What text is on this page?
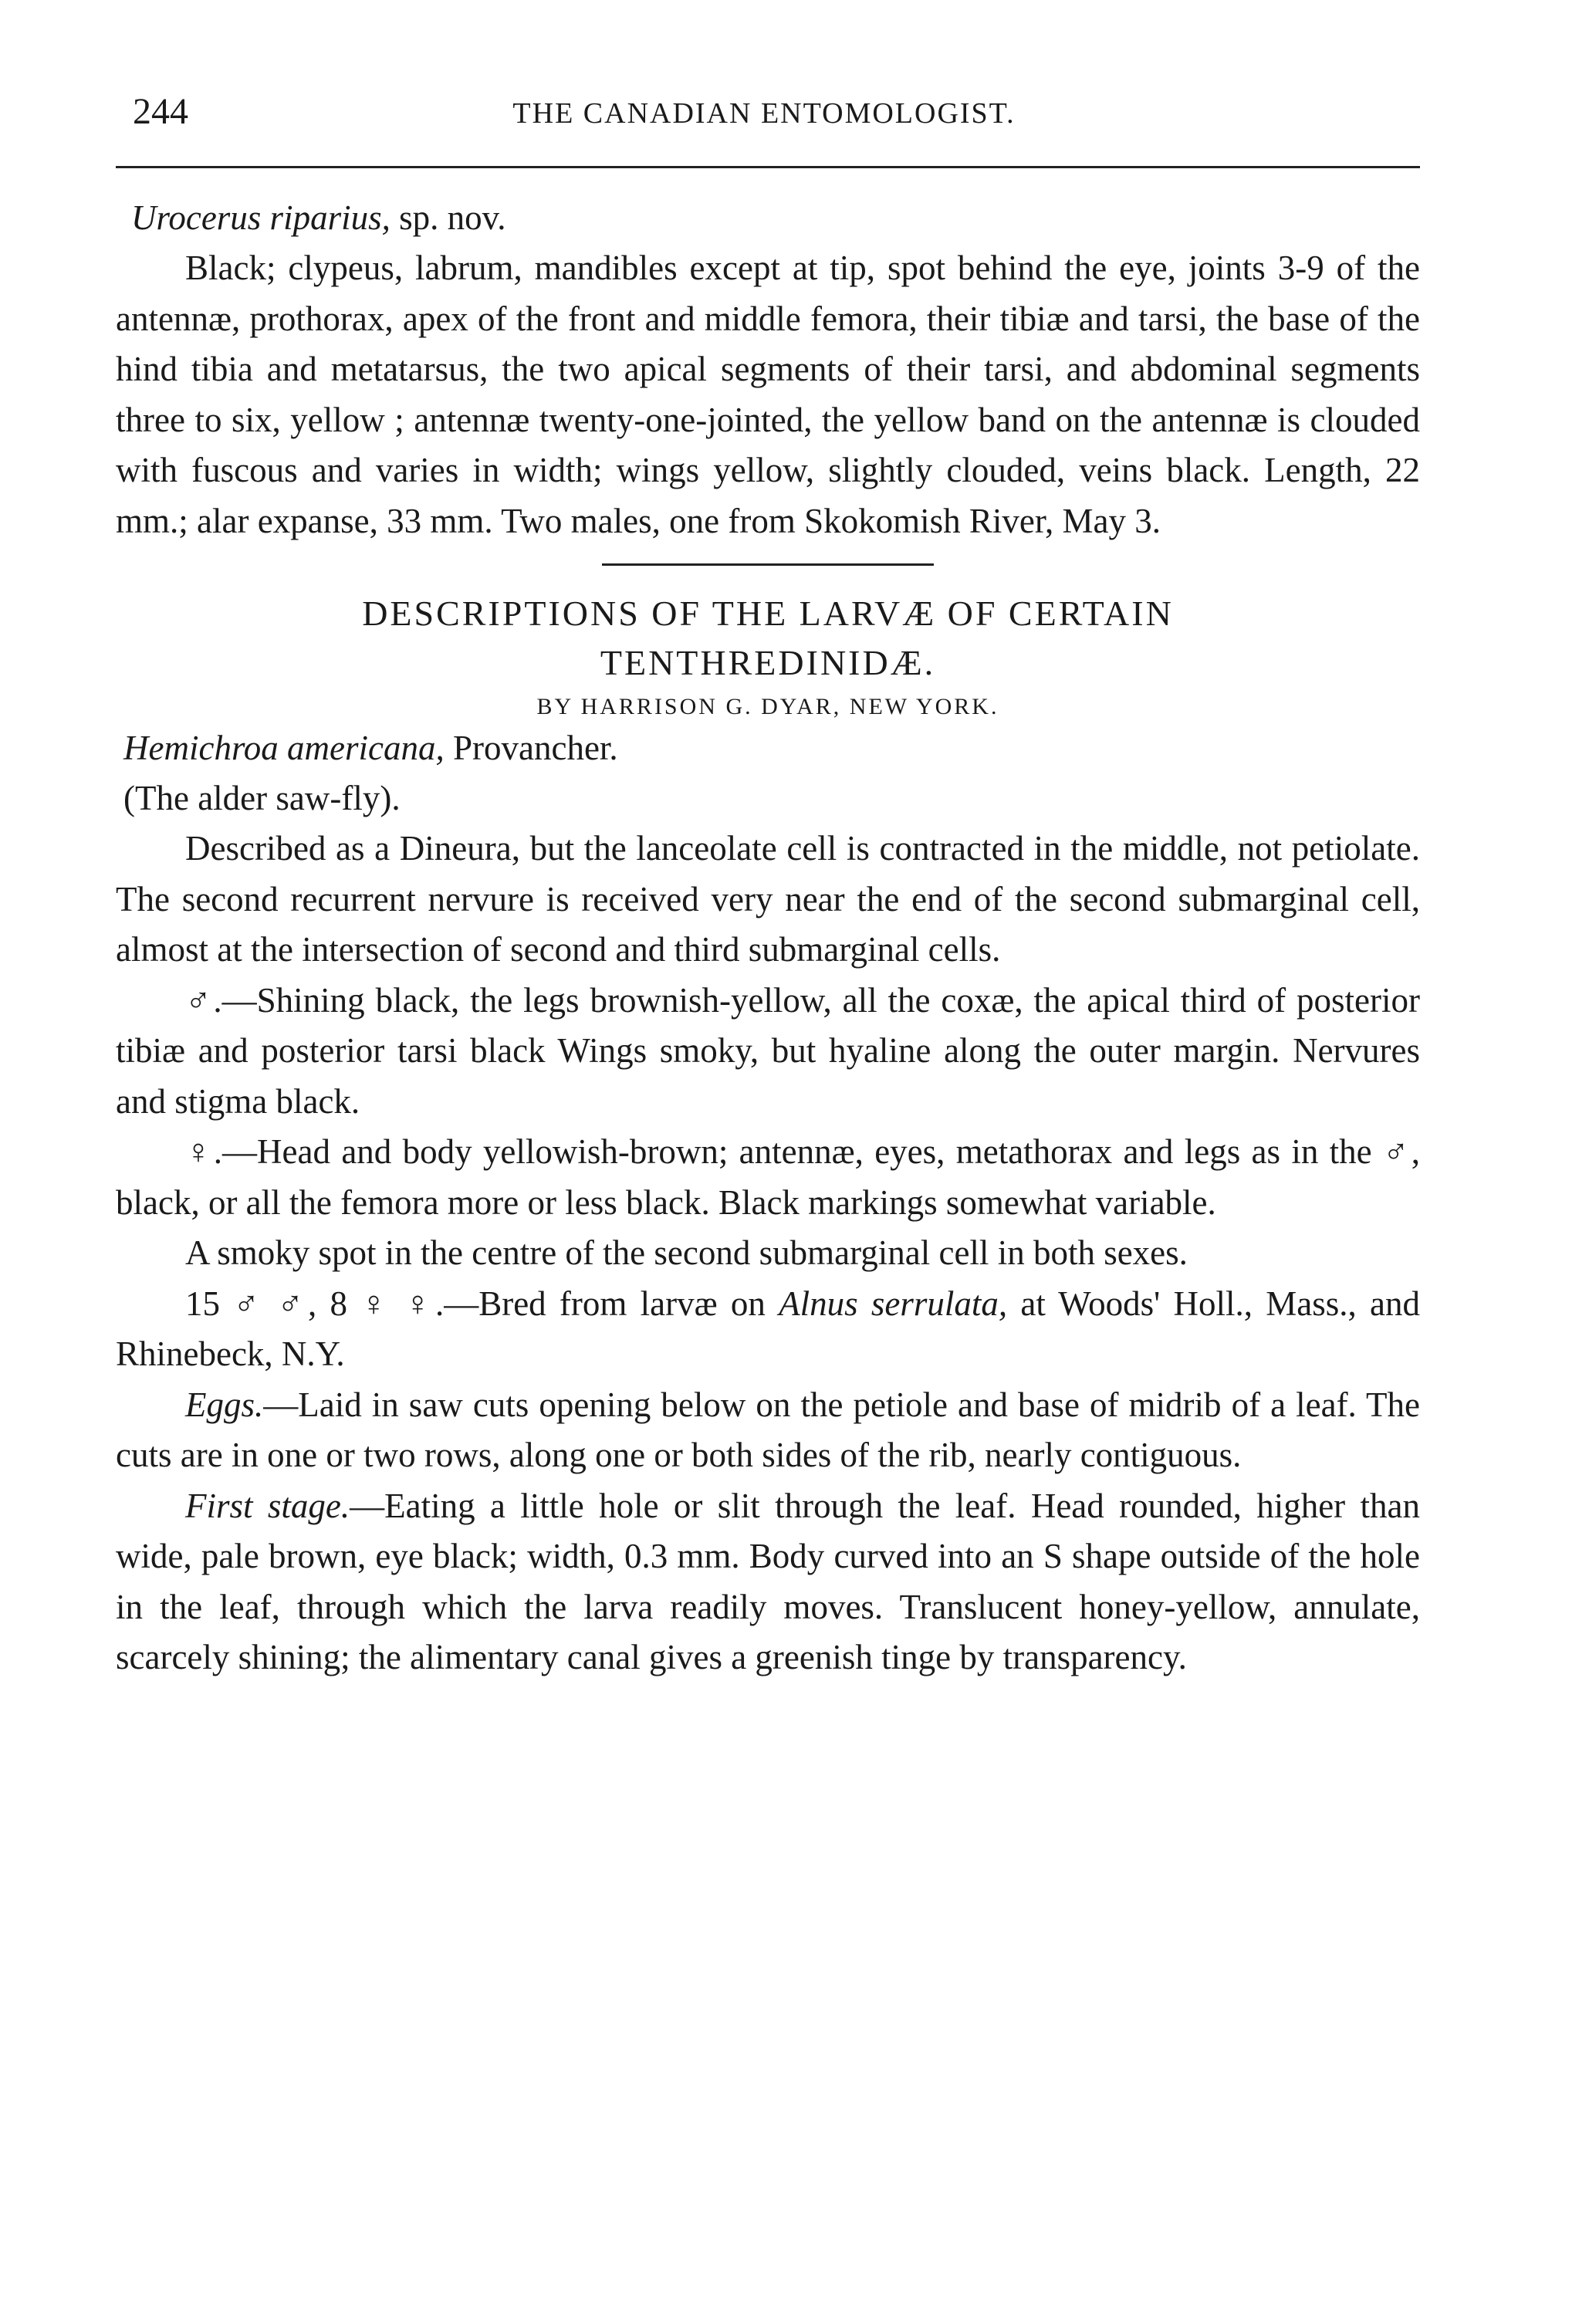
244	THE CANADIAN ENTOMOLOGIST.
Urocerus riparius, sp. nov.

Black; clypeus, labrum, mandibles except at tip, spot behind the eye, joints 3-9 of the antennæ, prothorax, apex of the front and middle femora, their tibiæ and tarsi, the base of the hind tibia and metatarsus, the two apical segments of their tarsi, and abdominal segments three to six, yellow ; antennæ twenty-one-jointed, the yellow band on the antennæ is clouded with fuscous and varies in width; wings yellow, slightly clouded, veins black. Length, 22 mm.; alar expanse, 33 mm. Two males, one from Skokomish River, May 3.

DESCRIPTIONS OF THE LARVÆ OF CERTAIN
TENTHREDINIDÆ.
BY HARRISON G. DYAR, NEW YORK.
Hemichroa americana, Provancher.
(The alder saw-fly).

Described as a Dineura, but the lanceolate cell is contracted in the middle, not petiolate. The second recurrent nervure is received very near the end of the second submarginal cell, almost at the intersection of second and third submarginal cells.

♂.—Shining black, the legs brownish-yellow, all the coxæ, the apical third of posterior tibiæ and posterior tarsi black Wings smoky, but hyaline along the outer margin. Nervures and stigma black.

♀.—Head and body yellowish-brown; antennæ, eyes, metathorax and legs as in the ♂, black, or all the femora more or less black. Black markings somewhat variable.

A smoky spot in the centre of the second submarginal cell in both sexes.

15 ♂ ♂, 8 ♀ ♀.—Bred from larvæ on Alnus serrulata, at Woods' Holl., Mass., and Rhinebeck, N.Y.

Eggs.—Laid in saw cuts opening below on the petiole and base of midrib of a leaf. The cuts are in one or two rows, along one or both sides of the rib, nearly contiguous.

First stage.—Eating a little hole or slit through the leaf. Head rounded, higher than wide, pale brown, eye black; width, 0.3 mm. Body curved into an S shape outside of the hole in the leaf, through which the larva readily moves. Translucent honey-yellow, annulate, scarcely shining; the alimentary canal gives a greenish tinge by transparency.
